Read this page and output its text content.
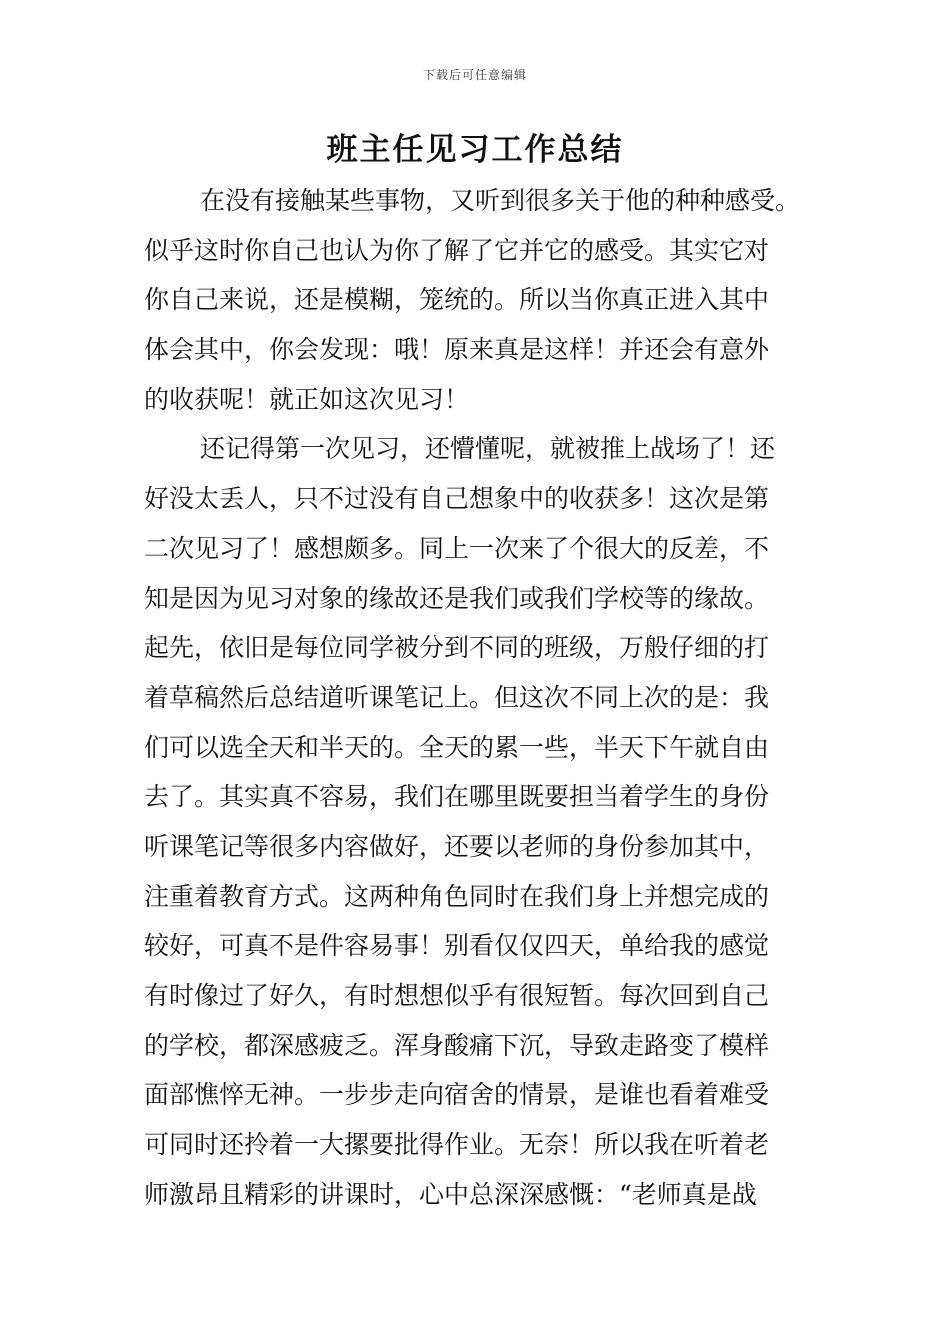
下载后可任意编辑
班主任见习工作总结
在没有接触某些事物，又听到很多关于他的种种感受。
似乎这时你自己也认为你了解了它并它的感受。其实它对
你自己来说，还是模糊，笼统的。所以当你真正进入其中
体会其中，你会发现：哦！原来真是这样！并还会有意外
的收获呢！就正如这次见习！
还记得第一次见习，还懵懂呢，就被推上战场了！还
好没太丢人，只不过没有自己想象中的收获多！这次是第
二次见习了！感想颇多。同上一次来了个很大的反差，不
知是因为见习对象的缘故还是我们或我们学校等的缘故。
起先，依旧是每位同学被分到不同的班级，万般仔细的打
着草稿然后总结道听课笔记上。但这次不同上次的是：我
们可以选全天和半天的。全天的累一些，半天下午就自由
去了。其实真不容易，我们在哪里既要担当着学生的身份
听课笔记等很多内容做好，还要以老师的身份参加其中，
注重着教育方式。这两种角色同时在我们身上并想完成的
较好，可真不是件容易事！别看仅仅四天，单给我的感觉
有时像过了好久，有时想想似乎有很短暂。每次回到自己
的学校，都深感疲乏。浑身酸痛下沉，导致走路变了模样
面部憔悴无神。一步步走向宿舍的情景，是谁也看着难受
可同时还拎着一大摞要批得作业。无奈！所以我在听着老
师激昂且精彩的讲课时，心中总深深感慨：“老师真是战
